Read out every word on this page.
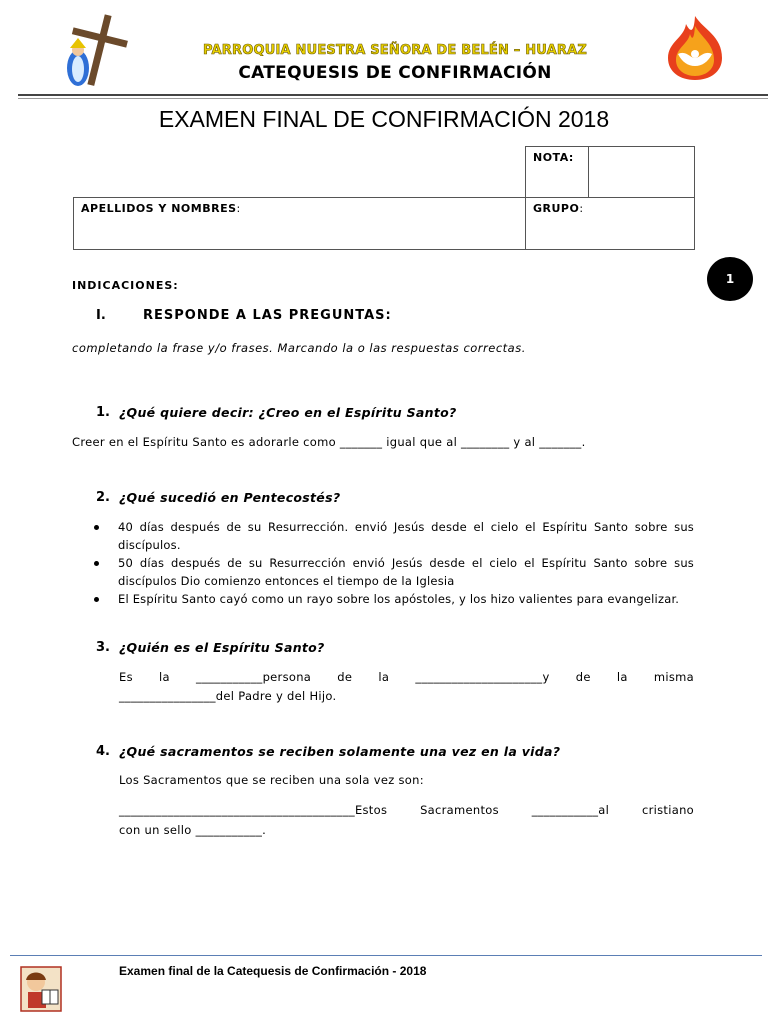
PARROQUIA NUESTRA SEÑORA DE BELÉN – HUARAZ
CATEQUESIS DE CONFIRMACIÓN
EXAMEN FINAL DE CONFIRMACIÓN 2018
NOTA:
APELLIDOS Y NOMBRES:	GRUPO:
1
INDICACIONES:
I.	RESPONDE A LAS PREGUNTAS:
completando la frase y/o frases. Marcando la o las respuestas correctas.
1. ¿Qué quiere decir: ¿Creo en el Espíritu Santo?
Creer en el Espíritu Santo es adorarle como _______ igual que al ________ y al _______.
2. ¿Qué sucedió en Pentecostés?
40 días después de su Resurrección. envió Jesús desde el cielo el Espíritu Santo sobre sus discípulos.
50 días después de su Resurrección envió Jesús desde el cielo el Espíritu Santo sobre sus discípulos Dio comienzo entonces el tiempo de la Iglesia
El Espíritu Santo cayó como un rayo sobre los apóstoles, y los hizo valientes para evangelizar.
3. ¿Quién es el Espíritu Santo?
Es la ___________persona de la _____________________y de la misma
________________del Padre y del Hijo.
4. ¿Qué sacramentos se reciben solamente una vez en la vida?
Los Sacramentos que se reciben una sola vez son:
_______________________________________Estos Sacramentos ___________al cristiano
con un sello ___________.
Examen final de la Catequesis de Confirmación - 2018
